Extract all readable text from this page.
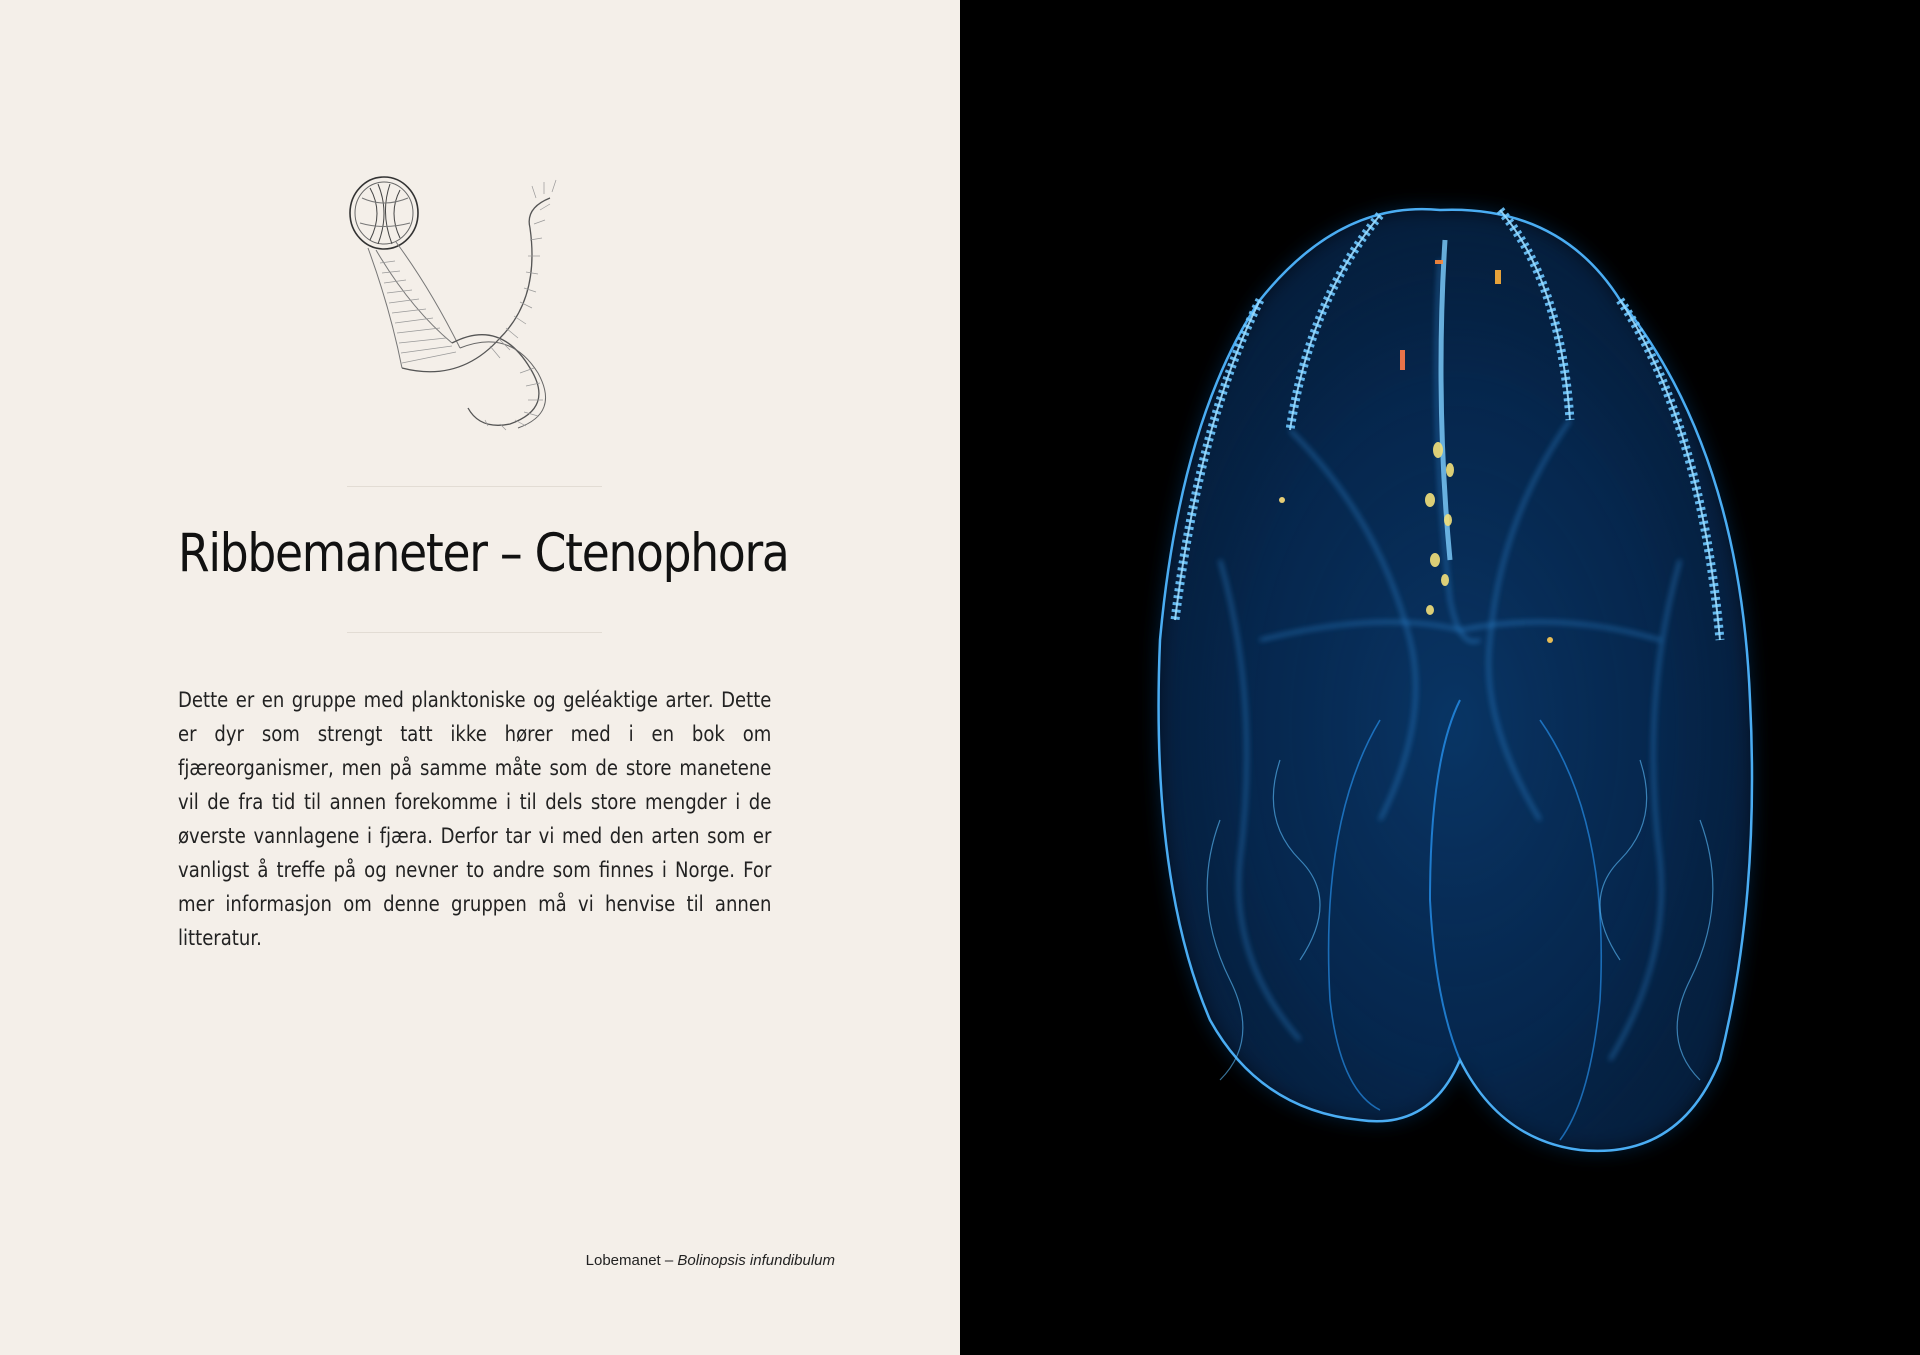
Ribbemaneter – Ctenophora

Dette er en gruppe med planktoniske og geléaktige arter. Dette er dyr som strengt tatt ikke hører med i en bok om fjæreorganismer, men på samme måte som de store manetene vil de fra tid til annen forekomme i til dels store mengder i de øverste vannlagene i fjæra. Derfor tar vi med den arten som er vanligst å treffe på og nevner to andre som finnes i Norge. For mer informasjon om denne gruppen må vi henvise til annen litteratur.

Lobemanet – Bolinopsis infundibulum
